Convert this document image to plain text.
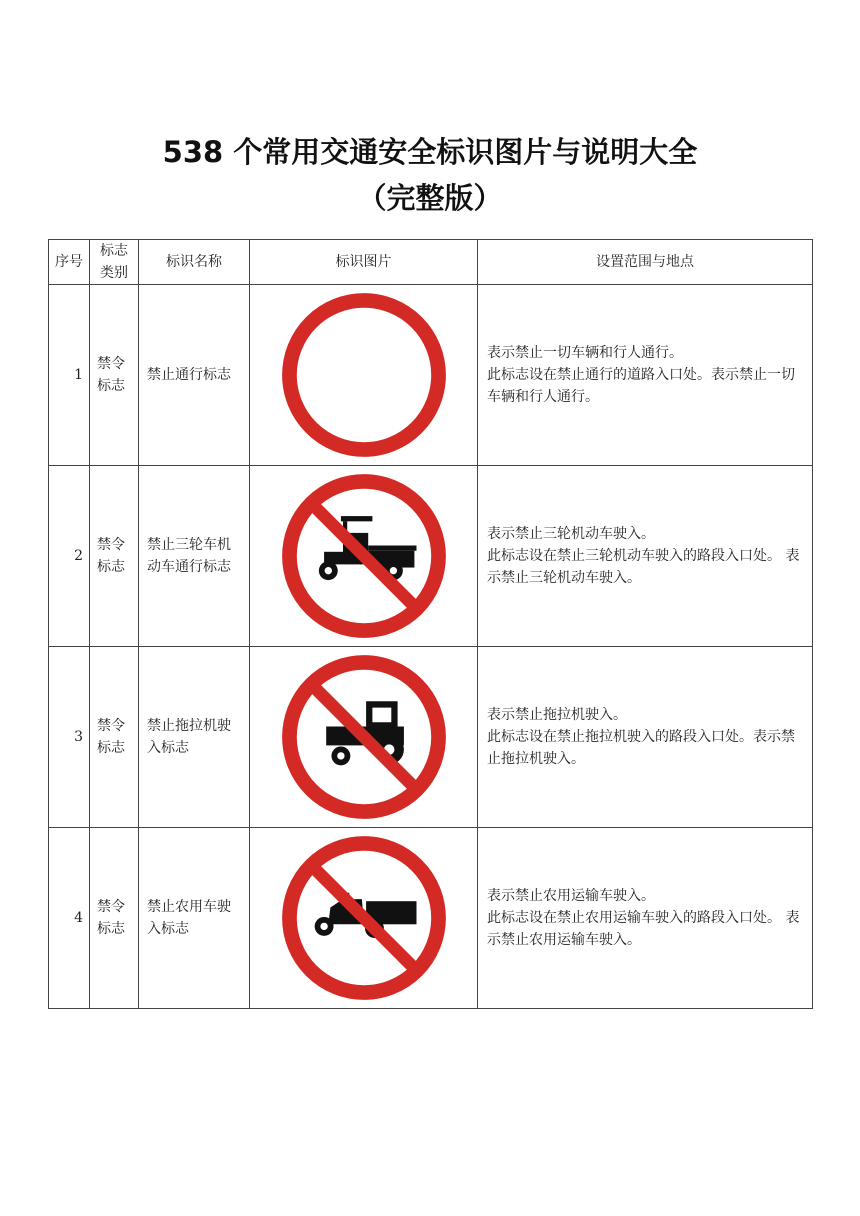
538 个常用交通安全标识图片与说明大全
（完整版）
序号	标志类别	标识名称	标识图片	设置范围与地点
1	禁令标志	禁止通行标志		表示禁止一切车辆和行人通行。
此标志设在禁止通行的道路入口处。表示禁止一切车辆和行人通行。

2	禁令标志	禁止三轮车机动车通行标志		表示禁止三轮机动车驶入。
此标志设在禁止三轮机动车驶入的路段入口处。 表示禁止三轮机动车驶入。

3	禁令标志	禁止拖拉机驶入标志		表示禁止拖拉机驶入。
此标志设在禁止拖拉机驶入的路段入口处。表示禁止拖拉机驶入。

4	禁令标志	禁止农用车驶入标志		表示禁止农用运输车驶入。
此标志设在禁止农用运输车驶入的路段入口处。 表示禁止农用运输车驶入。
